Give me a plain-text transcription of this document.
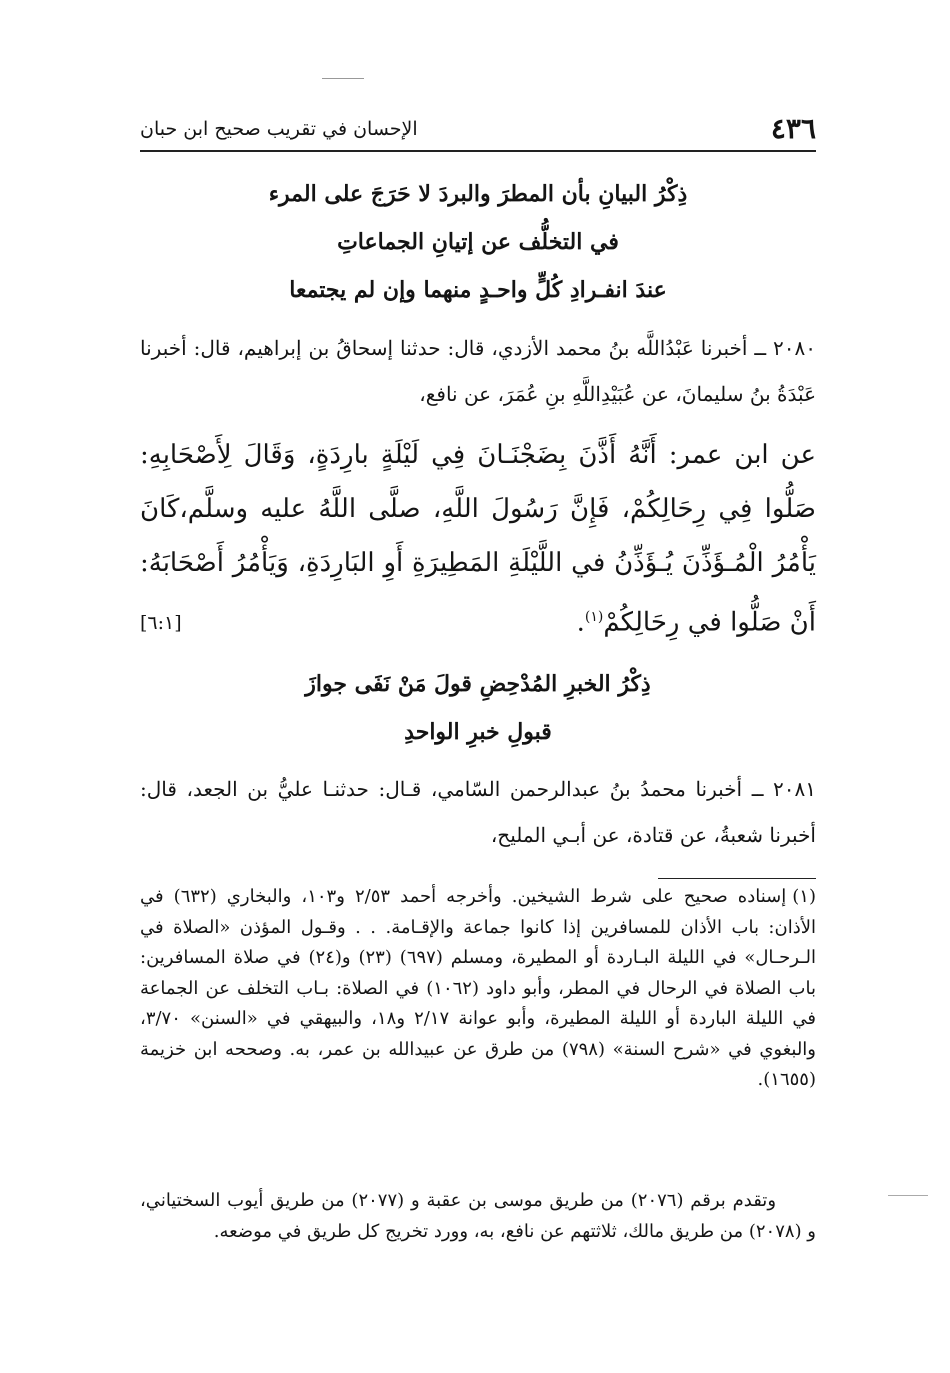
٤٣٦
الإحسان في تقريب صحيح ابن حبان
ذِكْرُ البيانِ بأن المطرَ والبردَ لا حَرَجَ على المرء
في التخلُّف عن إتيانِ الجماعاتِ
عندَ انفـرادِ كُلٍّ واحـدٍ منهما وإن لم يجتمعا

٢٠٨٠ ــ أخبرنا عَبْدُاللَّه بنُ محمد الأزدي، قال: حدثنا إسحاقُ بن إبراهيم، قال: أخبرنا عَبْدَةُ بنُ سليمانَ، عن عُبَيْدِاللَّهِ بنِ عُمَرَ، عن نافع،

عن ابن عمر: أَنَّهُ أَذَّنَ بِضَجْنَـانَ فِي لَيْلَةٍ بارِدَةٍ، وَقَالَ لِأَصْحَابِهِ: صَلُّوا فِي رِحَالِكُمْ، فَإِنَّ رَسُولَ اللَّهِ، صلَّى اللَّهُ عليه وسلَّم،كَانَ يَأْمُرُ الْمُـؤَذِّنَ يُـؤَذِّنُ في اللَّيْلَةِ المَطِيرَةِ أَوِ البَارِدَةِ، وَيَأْمُرُ أَصْحَابَهُ: أَنْ صَلُّوا في رِحَالِكُمْ$^{(١)}$.

[٦:١]
ذِكْرُ الخبرِ المُدْحِضِ قولَ مَنْ نَفَى جوازَ
قبولِ خبرِ الواحدِ

٢٠٨١ ــ أخبرنا محمدُ بنُ عبدالرحمن السّامي، قـال: حدثنـا عليُّ بن الجعد، قال: أخبرنا شعبةُ، عن قتادة، عن أبـي المليح،

(١)إسناده صحيح على شرط الشيخين. وأخرجه أحمد ٢/٥٣ و١٠٣، والبخاري (٦٣٢) في الأذان: باب الأذان للمسافرين إذا كانوا جماعة والإقـامة. . . وقـول المؤذن «الصلاة في الـرحـال» في الليلة البـاردة أو المطيرة، ومسلم (٦٩٧) (٢٣) و(٢٤) في صلاة المسافرين: باب الصلاة في الرحال في المطر، وأبو داود (١٠٦٢) في الصلاة: بـاب التخلف عن الجماعة في الليلة الباردة أو الليلة المطيرة، وأبو عوانة ٢/١٧ و١٨، والبيهقي في «السنن» ٣/٧٠، والبغوي في «شرح السنة» (٧٩٨) من طرق عن عبيدالله بن عمر، به. وصححه ابن خزيمة (١٦٥٥).

وتقدم برقم (٢٠٧٦) من طريق موسى بن عقبة و (٢٠٧٧) من طريق أيوب السختياني، و (٢٠٧٨) من طريق مالك، ثلاثتهم عن نافع، به، وورد تخريج كل طريق في موضعه.
